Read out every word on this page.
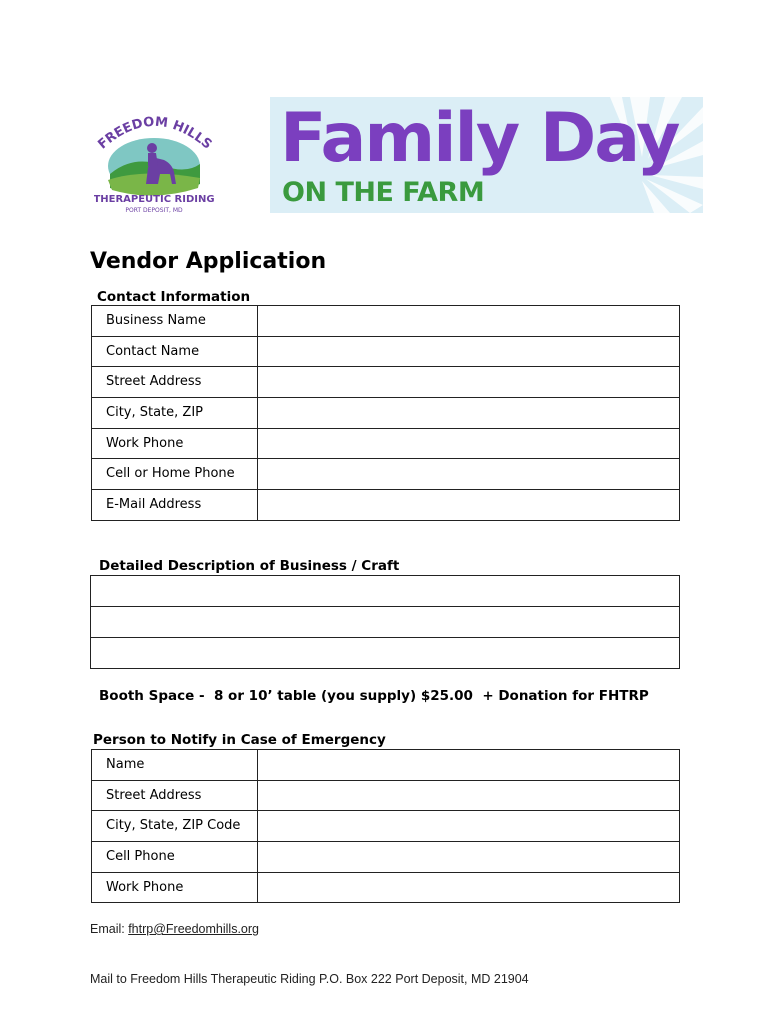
FREEDOM HILLS
THERAPEUTIC RIDING
PORT DEPOSIT, MD
Family Day
ON THE FARM
Vendor Application
Contact Information
Business Name	
Contact Name	
Street Address	
City, State, ZIP	
Work Phone	
Cell or Home Phone	
E-Mail Address	
Detailed Description of Business / Craft

Booth Space -  8 or 10’ table (you supply) $25.00  + Donation for FHTRP
Person to Notify in Case of Emergency
Name	
Street Address	
City, State, ZIP Code	
Cell Phone	
Work Phone	
Email: fhtrp@Freedomhills.org
Mail to Freedom Hills Therapeutic Riding P.O. Box 222 Port Deposit, MD 21904
